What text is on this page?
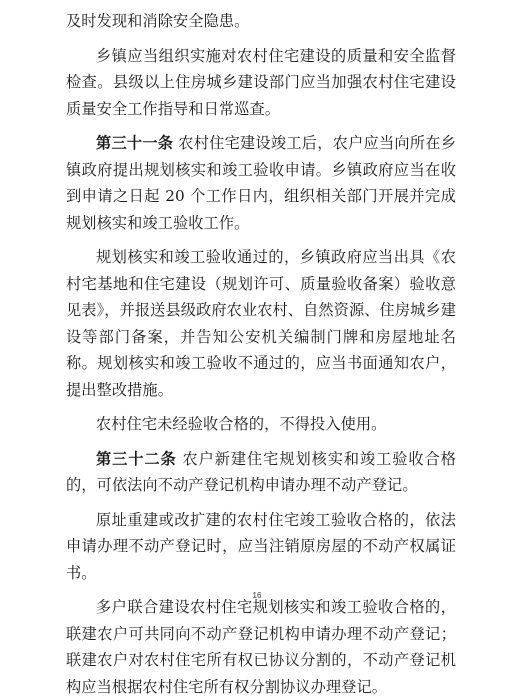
及时发现和消除安全隐患。

乡镇应当组织实施对农村住宅建设的质量和安全监督检查。县级以上住房城乡建设部门应当加强农村住宅建设质量安全工作指导和日常巡查。

第三十一条 农村住宅建设竣工后，农户应当向所在乡镇政府提出规划核实和竣工验收申请。乡镇政府应当在收到申请之日起 20 个工作日内，组织相关部门开展并完成规划核实和竣工验收工作。

规划核实和竣工验收通过的，乡镇政府应当出具《农村宅基地和住宅建设（规划许可、质量验收备案）验收意见表》，并报送县级政府农业农村、自然资源、住房城乡建设等部门备案，并告知公安机关编制门牌和房屋地址名称。规划核实和竣工验收不通过的，应当书面通知农户，提出整改措施。

农村住宅未经验收合格的，不得投入使用。

第三十二条 农户新建住宅规划核实和竣工验收合格的，可依法向不动产登记机构申请办理不动产登记。

原址重建或改扩建的农村住宅竣工验收合格的，依法申请办理不动产登记时，应当注销原房屋的不动产权属证书。

多户联合建设农村住宅规划核实和竣工验收合格的，联建农户可共同向不动产登记机构申请办理不动产登记；联建农户对农村住宅所有权已协议分割的，不动产登记机构应当根据农村住宅所有权分割协议办理登记。

16
